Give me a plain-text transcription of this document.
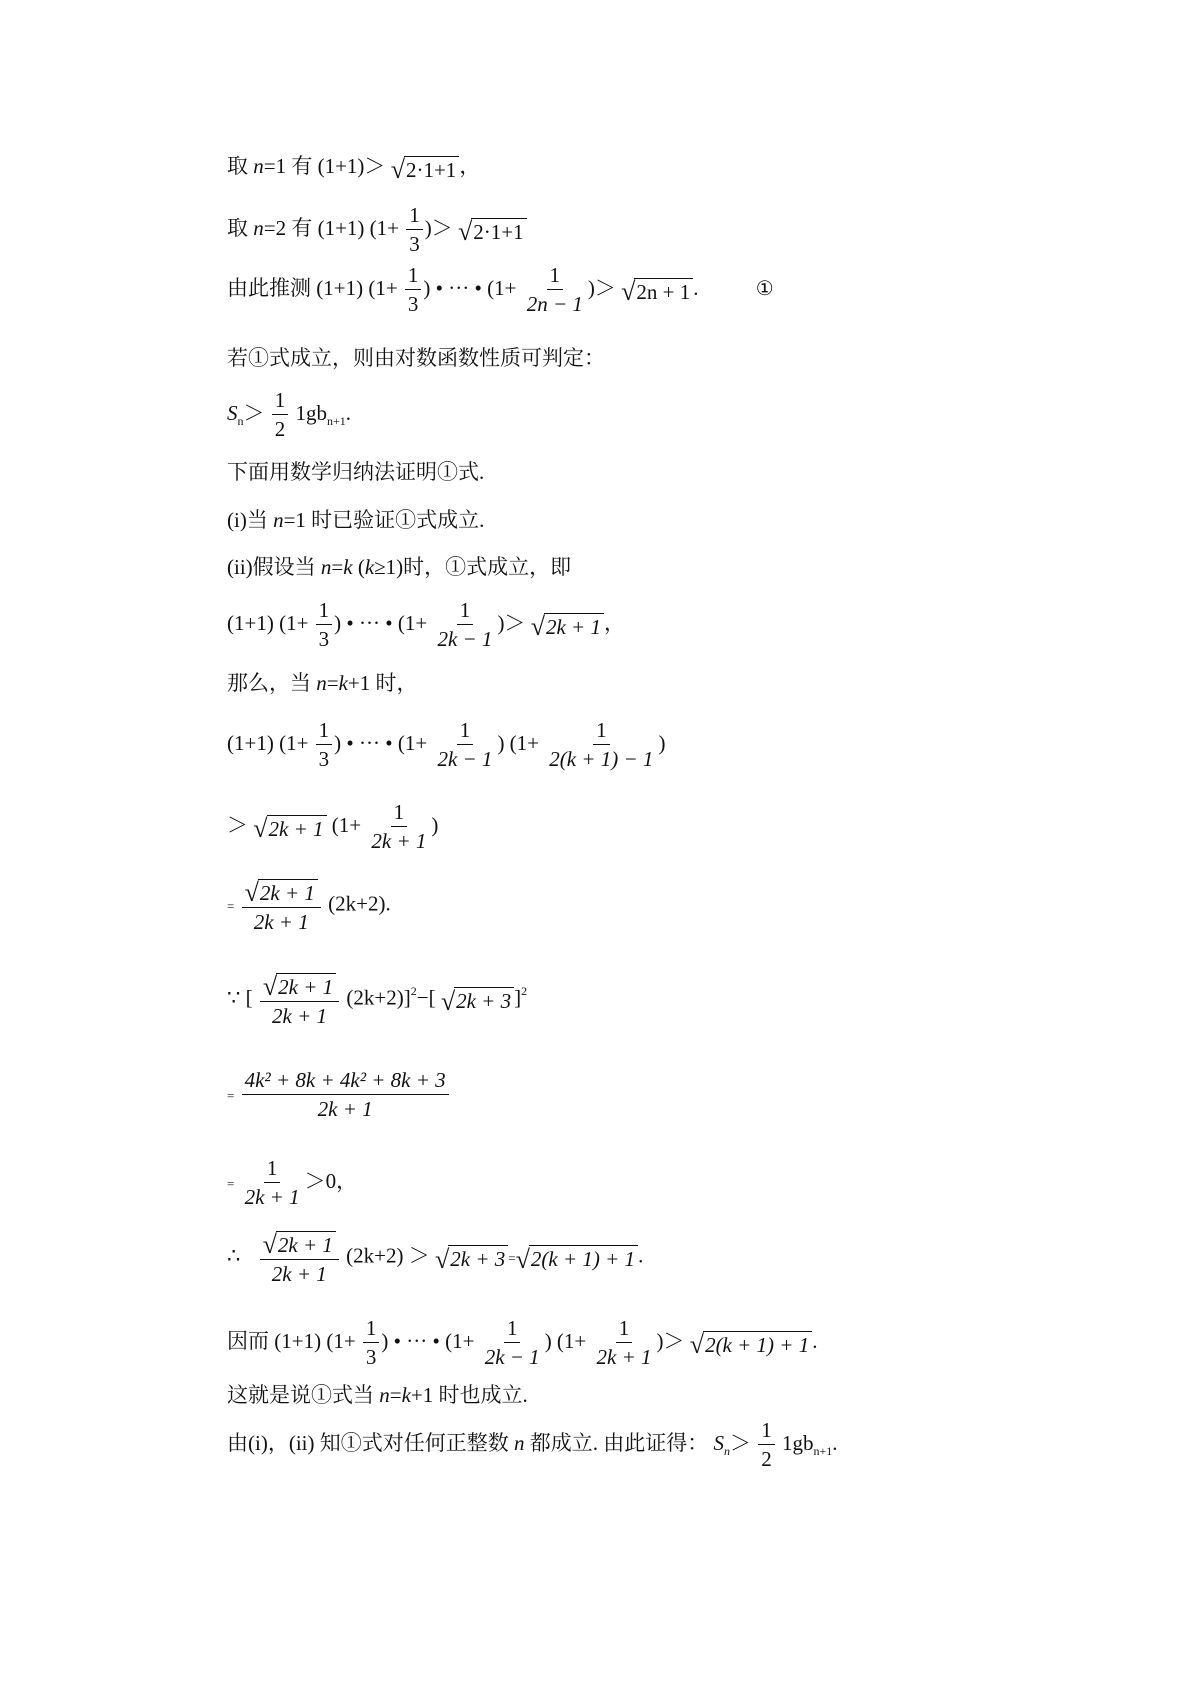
取 n=1 有 (1+1)＞ √ 2·1+1 ，
取 n=2 有 (1+1) ($1+ \frac{1}{3}$ )＞ √ 2·1+1
由此推测 (1+1) ($1+ \frac{1}{3}$ ) • ··· • ($1+ \frac{1}{2n - 1}$ )＞ √ 2n + 1 .	①
若①式成立，则由对数函数性质可判定：
$S_n> \frac{1}{2} 1gb_{n+1}$.
下面用数学归纳法证明①式.
(i)当 n=1 时已验证①式成立.
(ii)假设当 n=k (k≥1)时，①式成立，即
(1+1) ($1+ \frac{1}{3}$ ) • ··· • ($1+ \frac{1}{2k - 1}$ )＞ √ 2k + 1 ，
那么，当 n=k+1 时，
(1+1) ($1+ \frac{1}{3}$ ) • ··· • ($1+ \frac{1}{2k - 1}$ ) ($1+ \frac{1}{2(k + 1) - 1}$ )
＞ √ 2k + 1 ($1+ \frac{1}{2k + 1}$ )
= $\frac{√ 2k + 1}{2k + 1} (2k+2)$.
∵ [ $\frac{√ 2k + 1}{2k + 1} (2k+2)]^2-$[ √ 2k + 3 ]$^2$
= $\frac{\text{4k² + 8k + 4k² + 8k + 3}}{2k + 1}$
= $\frac{1}{2k + 1} >0$，
∴ $\frac{√ 2k + 1}{2k + 1} (2k+2)$ ＞ √ 2k + 3 = √ 2(k + 1) + 1 .
因而 (1+1) ($1+ \frac{1}{3}$ ) • ··· • ($1+ \frac{1}{2k - 1}$ ) ($1+ \frac{1}{2k + 1}$ )＞ √ 2(k + 1) + 1 .
这就是说①式当 n=k+1 时也成立.
由(i)，(ii) 知①式对任何正整数 n 都成立. 由此证得： $S_n> \frac{1}{2} 1gb_{n+1}$.
